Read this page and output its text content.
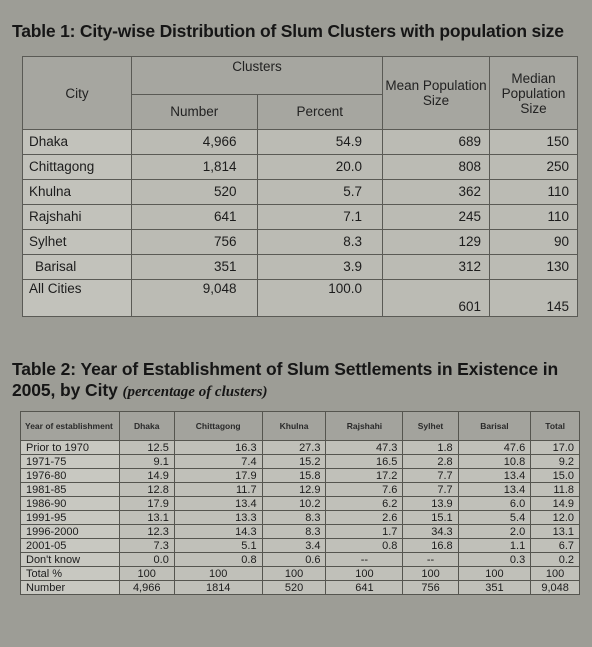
Table 1: City-wise Distribution of Slum Clusters with population size
City	Clusters		Mean Population Size	Median Population Size
	Number	Percent		
Dhaka	4,966	54.9	689	150
Chittagong	1,814	20.0	808	250
Khulna	520	5.7	362	110
Rajshahi	641	7.1	245	110
Sylhet	756	8.3	129	90
Barisal	351	3.9	312	130
All Cities	9,048	100.0	601	145
Table 2: Year of Establishment of Slum Settlements in Existence in 2005, by City (percentage of clusters)
Year of establishment	Dhaka	Chittagong	Khulna	Rajshahi	Sylhet	Barisal	Total
Prior to 1970	12.5	16.3	27.3	47.3	1.8	47.6	17.0
1971-75	9.1	7.4	15.2	16.5	2.8	10.8	9.2
1976-80	14.9	17.9	15.8	17.2	7.7	13.4	15.0
1981-85	12.8	11.7	12.9	7.6	7.7	13.4	11.8
1986-90	17.9	13.4	10.2	6.2	13.9	6.0	14.9
1991-95	13.1	13.3	8.3	2.6	15.1	5.4	12.0
1996-2000	12.3	14.3	8.3	1.7	34.3	2.0	13.1
2001-05	7.3	5.1	3.4	0.8	16.8	1.1	6.7
Don't know	0.0	0.8	0.6	--	--	0.3	0.2
Total %	100	100	100	100	100	100	100
Number	4,966	1814	520	641	756	351	9,048
